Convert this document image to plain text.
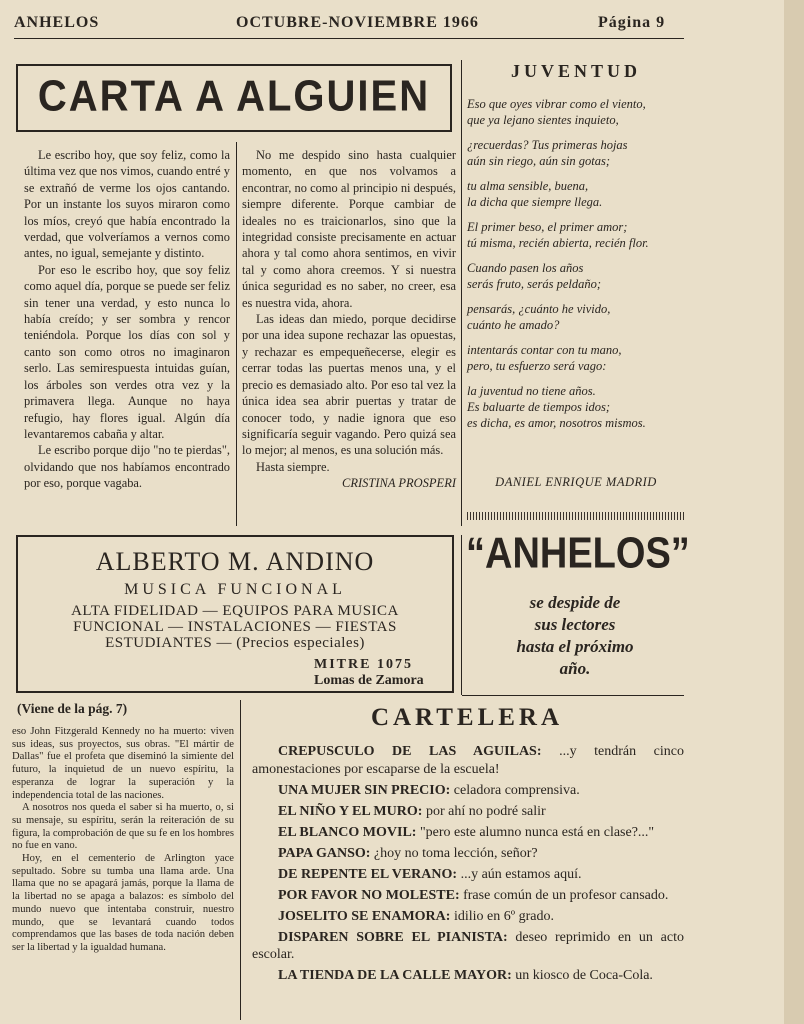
ANHELOS	OCTUBRE-NOVIEMBRE 1966	Página 9
CARTA A ALGUIEN

Le escribo hoy, que soy feliz, como la última vez que nos vimos, cuando entré y se extrañó de verme los ojos cantando. Por un instante los suyos miraron como los míos, creyó que había encontrado la verdad, que volveríamos a vernos como antes, no igual, semejante y distinto.

Por eso le escribo hoy, que soy feliz como aquel día, porque se puede ser feliz sin tener una verdad, y esto nunca lo había creído; y ser sombra y rencor teniéndola. Porque los días con sol y canto son como otros no imaginaron serlo. Las semirespuesta intuidas guían, los árboles son verdes otra vez y la primavera llega. Aunque no haya refugio, hay flores igual. Algún día levantaremos cabaña y altar.

Le escribo porque dijo "no te pierdas", olvidando que nos habíamos encontrado por eso, porque vagaba.

No me despido sino hasta cualquier momento, en que nos volvamos a encontrar, no como al principio ni después, siempre diferente. Porque cambiar de ideales no es traicionarlos, sino que la integridad consiste precisamente en actuar ahora y tal como ahora sentimos, en vivir tal y como ahora creemos. Y si nuestra única seguridad es no saber, no creer, esa es nuestra vida, ahora.

Las ideas dan miedo, porque decidirse por una idea supone rechazar las opuestas, y rechazar es empequeñecerse, elegir es cerrar todas las puertas menos una, y el precio es demasiado alto. Por eso tal vez la única idea sea abrir puertas y tratar de conocer todo, y nadie ignora que eso significaría seguir vagando. Pero quizá sea lo mejor; al menos, es una solución más.

Hasta siempre.

CRISTINA PROSPERI
JUVENTUD
Eso que oyes vibrar como el viento,
que ya lejano sientes inquieto,
¿recuerdas? Tus primeras hojas
aún sin riego, aún sin gotas;
tu alma sensible, buena,
la dicha que siempre llega.
El primer beso, el primer amor;
tú misma, recién abierta, recién flor.
Cuando pasen los años
serás fruto, serás peldaño;
pensarás, ¿cuánto he vivido,
cuánto he amado?
intentarás contar con tu mano,
pero, tu esfuerzo será vago:
la juventud no tiene años.
Es baluarte de tiempos idos;
es dicha, es amor, nosotros mismos.
DANIEL ENRIQUE MADRID
ALBERTO M. ANDINO
MUSICA FUNCIONAL
ALTA FIDELIDAD — EQUIPOS PARA MUSICA
FUNCIONAL — INSTALACIONES — FIESTAS
ESTUDIANTES — (Precios especiales)
MITRE 1075
Lomas de Zamora
“ANHELOS”
se despide de
sus lectores
hasta el próximo
año.
(Viene de la pág. 7)

eso John Fitzgerald Kennedy no ha muerto: viven sus ideas, sus proyectos, sus obras. "El mártir de Dallas" fue el profeta que diseminó la simiente del futuro, la inquietud de un nuevo espíritu, la esperanza de lograr la superación y la independencia total de las naciones.

A nosotros nos queda el saber si ha muerto, o, si su mensaje, su espíritu, serán la reiteración de su figura, la comprobación de que su fe en los hombres no fue en vano.

Hoy, en el cementerio de Arlington yace sepultado. Sobre su tumba una llama arde. Una llama que no se apagará jamás, porque la llama de la libertad no se apaga a balazos: es símbolo del mundo nuevo que intentaba construir, nuestro mundo, que se levantará cuando todos comprendamos que las bases de toda nación deben ser la libertad y la igualdad humana.

CARTELERA
CREPUSCULO DE LAS AGUILAS: ...y tendrán cinco amonestaciones por escaparse de la escuela!
UNA MUJER SIN PRECIO: celadora comprensiva.
EL NIÑO Y EL MURO: por ahí no podré salir
EL BLANCO MOVIL: "pero este alumno nunca está en clase?..."
PAPA GANSO: ¿hoy no toma lección, señor?
DE REPENTE EL VERANO: ...y aún estamos aquí.
POR FAVOR NO MOLESTE: frase común de un profesor cansado.
JOSELITO SE ENAMORA: idilio en 6º grado.
DISPAREN SOBRE EL PIANISTA: deseo reprimido en un acto escolar.
LA TIENDA DE LA CALLE MAYOR: un kiosco de Coca-Cola.
